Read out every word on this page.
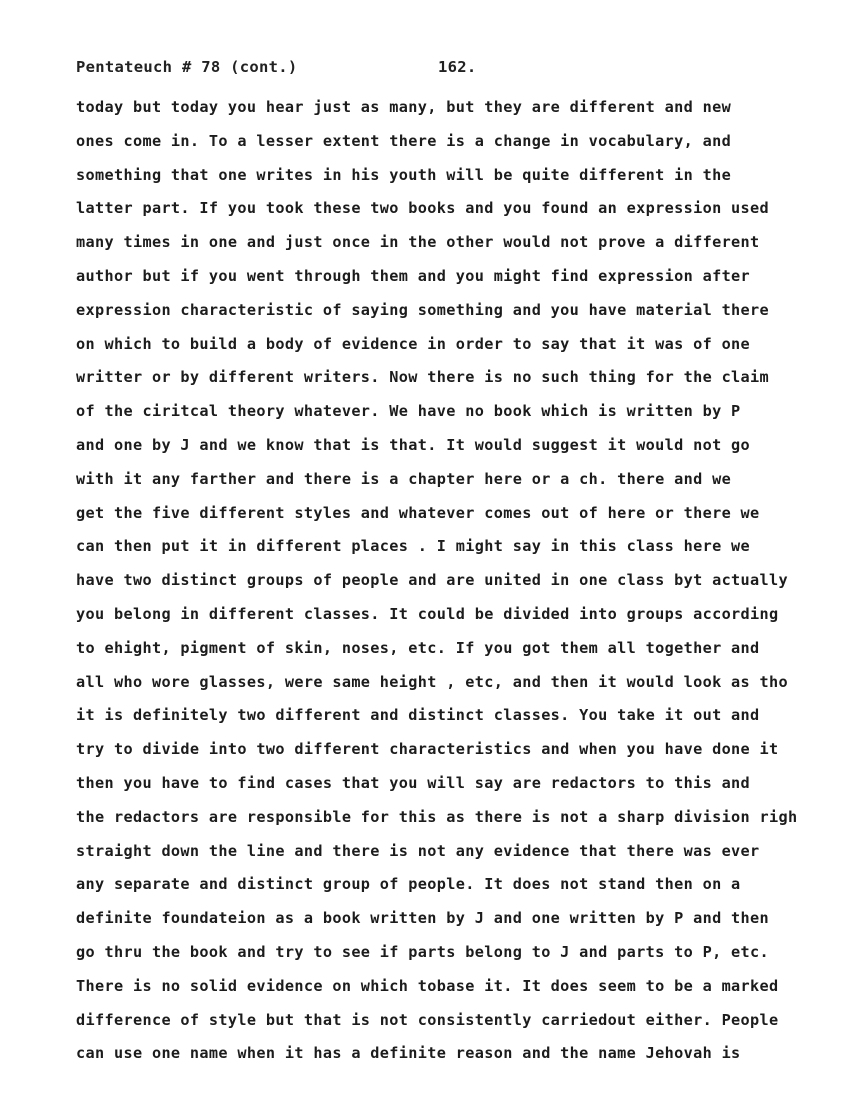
Pentateuch # 78 (cont.)	162.
today but today you hear just as many, but they are different and new
ones come in. To a lesser extent there is a change in vocabulary, and
something that one writes in his youth will be quite different in the
latter part. If you took these two books and you found an expression used
many times in one and just once in the other would not prove a different
author but if you went through them and you might find expression after
expression characteristic of saying something and you have material there
on which to build a body of evidence in order to say that it was of one
writter or by different writers. Now there is no such thing for the claim
of the ciritcal theory whatever. We have no book which is written by P
and one by J and we know that is that. It would suggest it would not go
with it any farther and there is a chapter here or a ch. there and we
get the five different styles and whatever comes out of here or there we
can then put it in different places . I might say in this class here we
have two distinct groups of people and are united in one class byt actually
you belong in different classes. It could be divided into groups according
to ehight, pigment of skin, noses, etc. If you got them all together and
all who wore glasses, were same height , etc, and then it would look as tho
it is definitely two different and distinct classes. You take it out and
try to divide into two different characteristics and when you have done it
then you have to find cases that you will say are redactors to this and
the redactors are responsible for this as there is not a sharp division righ
straight down the line and there is not any evidence that there was ever
any separate and distinct group of people. It does not stand then on a
definite foundateion as a book written by J and one written by P and then
go thru the book and try to see if parts belong to J and parts to P, etc.
There is no solid evidence on which tobase it. It does seem to be a marked
difference of style but that is not consistently carriedout either. People
can use one name when it has a definite reason and the name Jehovah is
